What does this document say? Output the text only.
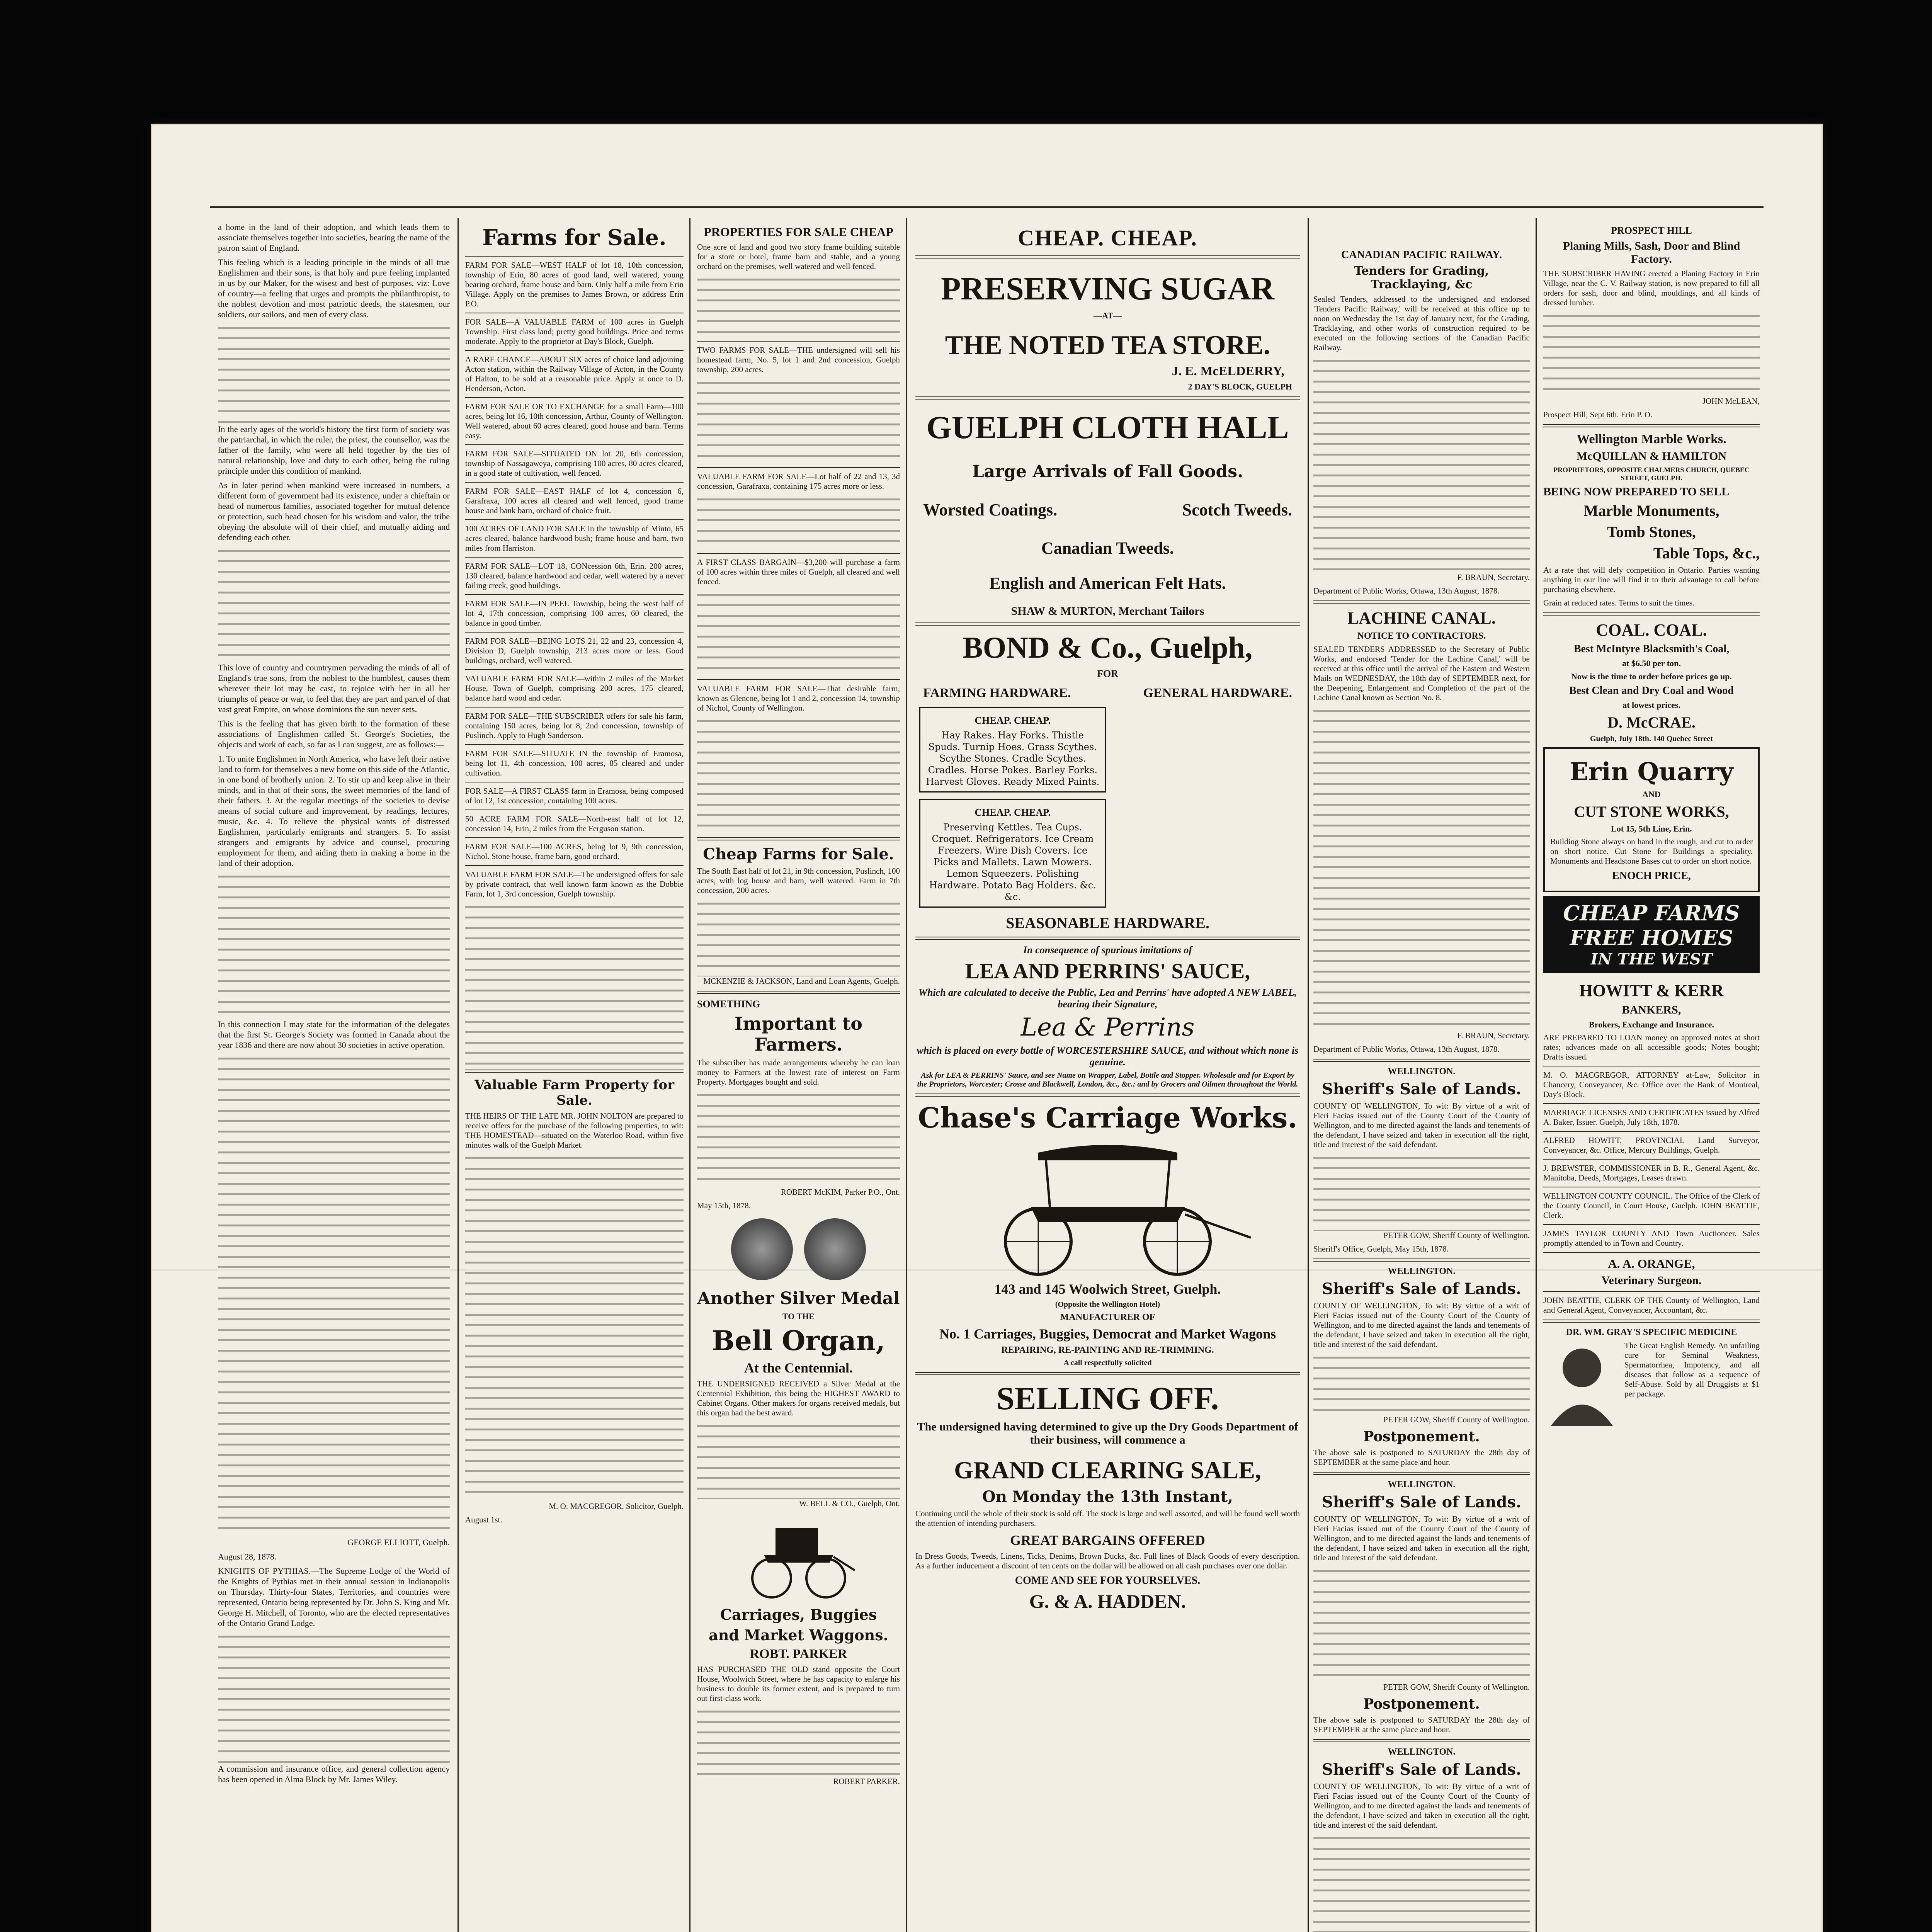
a home in the land of their adoption, and which leads them to associate themselves together into societies, bearing the name of the patron saint of England.

This feeling which is a leading principle in the minds of all true Englishmen and their sons, is that holy and pure feeling implanted in us by our Maker, for the wisest and best of purposes, viz: Love of country—a feeling that urges and prompts the philanthropist, to the noblest devotion and most patriotic deeds, the statesmen, our soldiers, our sailors, and men of every class.

In the early ages of the world's history the first form of society was the patriarchal, in which the ruler, the priest, the counsellor, was the father of the family, who were all held together by the ties of natural relationship, love and duty to each other, being the ruling principle under this condition of mankind.

As in later period when mankind were increased in numbers, a different form of government had its existence, under a chieftain or head of numerous families, associated together for mutual defence or protection, such head chosen for his wisdom and valor, the tribe obeying the absolute will of their chief, and mutually aiding and defending each other.

This love of country and countrymen pervading the minds of all of England's true sons, from the noblest to the humblest, causes them wherever their lot may be cast, to rejoice with her in all her triumphs of peace or war, to feel that they are part and parcel of that vast great Empire, on whose dominions the sun never sets.

This is the feeling that has given birth to the formation of these associations of Englishmen called St. George's Societies, the objects and work of each, so far as I can suggest, are as follows:—

1. To unite Englishmen in North America, who have left their native land to form for themselves a new home on this side of the Atlantic, in one bond of brotherly union. 2. To stir up and keep alive in their minds, and in that of their sons, the sweet memories of the land of their fathers. 3. At the regular meetings of the societies to devise means of social culture and improvement, by readings, lectures, music, &c. 4. To relieve the physical wants of distressed Englishmen, particularly emigrants and strangers. 5. To assist strangers and emigrants by advice and counsel, procuring employment for them, and aiding them in making a home in the land of their adoption.

In this connection I may state for the information of the delegates that the first St. George's Society was formed in Canada about the year 1836 and there are now about 30 societies in active operation.

GEORGE ELLIOTT, Guelph.

August 28, 1878.

KNIGHTS OF PYTHIAS.—The Supreme Lodge of the World of the Knights of Pythias met in their annual session in Indianapolis on Thursday. Thirty-four States, Territories, and countries were represented, Ontario being represented by Dr. John S. King and Mr. George H. Mitchell, of Toronto, who are the elected representatives of the Ontario Grand Lodge.

A commission and insurance office, and general collection agency has been opened in Alma Block by Mr. James Wiley.

Farms for Sale.

FARM FOR SALE—WEST HALF of lot 18, 10th concession, township of Erin, 80 acres of good land, well watered, young bearing orchard, frame house and barn. Only half a mile from Erin Village. Apply on the premises to James Brown, or address Erin P.O.

FOR SALE—A VALUABLE FARM of 100 acres in Guelph Township. First class land; pretty good buildings. Price and terms moderate. Apply to the proprietor at Day's Block, Guelph.

A RARE CHANCE—ABOUT SIX acres of choice land adjoining Acton station, within the Railway Village of Acton, in the County of Halton, to be sold at a reasonable price. Apply at once to D. Henderson, Acton.

FARM FOR SALE OR TO EXCHANGE for a small Farm—100 acres, being lot 16, 10th concession, Arthur, County of Wellington. Well watered, about 60 acres cleared, good house and barn. Terms easy.

FARM FOR SALE—SITUATED ON lot 20, 6th concession, township of Nassagaweya, comprising 100 acres, 80 acres cleared, in a good state of cultivation, well fenced.

FARM FOR SALE—EAST HALF of lot 4, concession 6, Garafraxa, 100 acres all cleared and well fenced, good frame house and bank barn, orchard of choice fruit.

100 ACRES OF LAND FOR SALE in the township of Minto, 65 acres cleared, balance hardwood bush; frame house and barn, two miles from Harriston.

FARM FOR SALE—LOT 18, CONcession 6th, Erin. 200 acres, 130 cleared, balance hardwood and cedar, well watered by a never failing creek, good buildings.

FARM FOR SALE—IN PEEL Township, being the west half of lot 4, 17th concession, comprising 100 acres, 60 cleared, the balance in good timber.

FARM FOR SALE—BEING LOTS 21, 22 and 23, concession 4, Division D, Guelph township, 213 acres more or less. Good buildings, orchard, well watered.

VALUABLE FARM FOR SALE—within 2 miles of the Market House, Town of Guelph, comprising 200 acres, 175 cleared, balance hard wood and cedar.

FARM FOR SALE—THE SUBSCRIBER offers for sale his farm, containing 150 acres, being lot 8, 2nd concession, township of Puslinch. Apply to Hugh Sanderson.

FARM FOR SALE—SITUATE IN the township of Eramosa, being lot 11, 4th concession, 100 acres, 85 cleared and under cultivation.

FOR SALE—A FIRST CLASS farm in Eramosa, being composed of lot 12, 1st concession, containing 100 acres.

50 ACRE FARM FOR SALE—North-east half of lot 12, concession 14, Erin, 2 miles from the Ferguson station.

FARM FOR SALE—100 ACRES, being lot 9, 9th concession, Nichol. Stone house, frame barn, good orchard.

VALUABLE FARM FOR SALE—The undersigned offers for sale by private contract, that well known farm known as the Dobbie Farm, lot 1, 3rd concession, Guelph township.

Valuable Farm Property for Sale.

THE HEIRS OF THE LATE MR. JOHN NOLTON are prepared to receive offers for the purchase of the following properties, to wit: THE HOMESTEAD—situated on the Waterloo Road, within five minutes walk of the Guelph Market.

M. O. MACGREGOR, Solicitor, Guelph.

August 1st.

PROPERTIES FOR SALE CHEAP

One acre of land and good two story frame building suitable for a store or hotel, frame barn and stable, and a young orchard on the premises, well watered and well fenced.

TWO FARMS FOR SALE—THE undersigned will sell his homestead farm, No. 5, lot 1 and 2nd concession, Guelph township, 200 acres.

VALUABLE FARM FOR SALE—Lot half of 22 and 13, 3d concession, Garafraxa, containing 175 acres more or less.

A FIRST CLASS BARGAIN—$3,200 will purchase a farm of 100 acres within three miles of Guelph, all cleared and well fenced.

VALUABLE FARM FOR SALE—That desirable farm, known as Glencoe, being lot 1 and 2, concession 14, township of Nichol, County of Wellington.

Cheap Farms for Sale.

The South East half of lot 21, in 9th concession, Puslinch, 100 acres, with log house and barn, well watered. Farm in 7th concession, 200 acres.

MCKENZIE & JACKSON, Land and Loan Agents, Guelph.

SOMETHING
Important to Farmers.

The subscriber has made arrangements whereby he can loan money to Farmers at the lowest rate of interest on Farm Property. Mortgages bought and sold.

ROBERT McKIM, Parker P.O., Ont.

May 15th, 1878.

Another Silver Medal
TO THE
Bell Organ,
At the Centennial.

THE UNDERSIGNED RECEIVED a Silver Medal at the Centennial Exhibition, this being the HIGHEST AWARD to Cabinet Organs. Other makers for organs received medals, but this organ had the best award.

W. BELL & CO., Guelph, Ont.

Carriages, Buggies
and Market Waggons.
ROBT. PARKER

HAS PURCHASED THE OLD stand opposite the Court House, Woolwich Street, where he has capacity to enlarge his business to double its former extent, and is prepared to turn out first-class work.

ROBERT PARKER.

CHEAP. CHEAP.
PRESERVING SUGAR
—AT—
THE NOTED TEA STORE.
J. E. McELDERRY,
2 DAY'S BLOCK, GUELPH
GUELPH CLOTH HALL
Large Arrivals of Fall Goods.
Worsted Coatings.	Scotch Tweeds.
Canadian Tweeds.
English and American Felt Hats.
SHAW & MURTON, Merchant Tailors
BOND & Co., Guelph,
FOR
FARMING HARDWARE.	GENERAL HARDWARE.
CHEAP. CHEAP.
Hay Rakes. Hay Forks. Thistle Spuds. Turnip Hoes. Grass Scythes. Scythe Stones. Cradle Scythes. Cradles. Horse Pokes. Barley Forks. Harvest Gloves. Ready Mixed Paints.

CHEAP. CHEAP.
Preserving Kettles. Tea Cups. Croquet. Refrigerators. Ice Cream Freezers. Wire Dish Covers. Ice Picks and Mallets. Lawn Mowers. Lemon Squeezers. Polishing Hardware. Potato Bag Holders. &c. &c.
SEASONABLE HARDWARE.
In consequence of spurious imitations of
LEA AND PERRINS' SAUCE,
Which are calculated to deceive the Public, Lea and Perrins' have adopted A NEW LABEL, bearing their Signature,
Lea & Perrins
which is placed on every bottle of WORCESTERSHIRE SAUCE, and without which none is genuine.
Ask for LEA & PERRINS' Sauce, and see Name on Wrapper, Label, Bottle and Stopper. Wholesale and for Export by the Proprietors, Worcester; Crosse and Blackwell, London, &c., &c.; and by Grocers and Oilmen throughout the World.
Chase's Carriage Works.
143 and 145 Woolwich Street, Guelph.
(Opposite the Wellington Hotel)
MANUFACTURER OF
No. 1 Carriages, Buggies, Democrat and Market Wagons
REPAIRING, RE-PAINTING AND RE-TRIMMING.
A call respectfully solicited
SELLING OFF.
The undersigned having determined to give up the Dry Goods Department of their business, will commence a
GRAND CLEARING SALE,
On Monday the 13th Instant,

Continuing until the whole of their stock is sold off. The stock is large and well assorted, and will be found well worth the attention of intending purchasers.

GREAT BARGAINS OFFERED

In Dress Goods, Tweeds, Linens, Ticks, Denims, Brown Ducks, &c. Full lines of Black Goods of every description. As a further inducement a discount of ten cents on the dollar will be allowed on all cash purchases over one dollar.

COME AND SEE FOR YOURSELVES.
G. & A. HADDEN.
CANADIAN PACIFIC RAILWAY.
Tenders for Grading, Tracklaying, &c

Sealed Tenders, addressed to the undersigned and endorsed 'Tenders Pacific Railway,' will be received at this office up to noon on Wednesday the 1st day of January next, for the Grading, Tracklaying, and other works of construction required to be executed on the following sections of the Canadian Pacific Railway.

F. BRAUN, Secretary.

Department of Public Works, Ottawa, 13th August, 1878.

LACHINE CANAL.
NOTICE TO CONTRACTORS.

SEALED TENDERS ADDRESSED to the Secretary of Public Works, and endorsed 'Tender for the Lachine Canal,' will be received at this office until the arrival of the Eastern and Western Mails on WEDNESDAY, the 18th day of SEPTEMBER next, for the Deepening, Enlargement and Completion of the part of the Lachine Canal known as Section No. 8.

F. BRAUN, Secretary.

Department of Public Works, Ottawa, 13th August, 1878.

WELLINGTON.
Sheriff's Sale of Lands.

COUNTY OF WELLINGTON, To wit: By virtue of a writ of Fieri Facias issued out of the County Court of the County of Wellington, and to me directed against the lands and tenements of the defendant, I have seized and taken in execution all the right, title and interest of the said defendant.

PETER GOW, Sheriff County of Wellington.

Sheriff's Office, Guelph, May 15th, 1878.

WELLINGTON.
Sheriff's Sale of Lands.

COUNTY OF WELLINGTON, To wit: By virtue of a writ of Fieri Facias issued out of the County Court of the County of Wellington, and to me directed against the lands and tenements of the defendant, I have seized and taken in execution all the right, title and interest of the said defendant.

PETER GOW, Sheriff County of Wellington.

Postponement.

The above sale is postponed to SATURDAY the 28th day of SEPTEMBER at the same place and hour.

WELLINGTON.
Sheriff's Sale of Lands.

COUNTY OF WELLINGTON, To wit: By virtue of a writ of Fieri Facias issued out of the County Court of the County of Wellington, and to me directed against the lands and tenements of the defendant, I have seized and taken in execution all the right, title and interest of the said defendant.

PETER GOW, Sheriff County of Wellington.

Postponement.

The above sale is postponed to SATURDAY the 28th day of SEPTEMBER at the same place and hour.

WELLINGTON.
Sheriff's Sale of Lands.

COUNTY OF WELLINGTON, To wit: By virtue of a writ of Fieri Facias issued out of the County Court of the County of Wellington, and to me directed against the lands and tenements of the defendant, I have seized and taken in execution all the right, title and interest of the said defendant.

PROSPECT HILL
Planing Mills, Sash, Door and Blind Factory.

THE SUBSCRIBER HAVING erected a Planing Factory in Erin Village, near the C. V. Railway station, is now prepared to fill all orders for sash, door and blind, mouldings, and all kinds of dressed lumber.

JOHN McLEAN,

Prospect Hill, Sept 6th. Erin P. O.

Wellington Marble Works.
McQUILLAN & HAMILTON
PROPRIETORS, OPPOSITE CHALMERS CHURCH, QUEBEC STREET, GUELPH.
BEING NOW PREPARED TO SELL
Marble Monuments,
Tomb Stones,
Table Tops, &c.,

At a rate that will defy competition in Ontario. Parties wanting anything in our line will find it to their advantage to call before purchasing elsewhere.

Grain at reduced rates. Terms to suit the times.

COAL. COAL.
Best McIntyre Blacksmith's Coal,
at $6.50 per ton.
Now is the time to order before prices go up.
Best Clean and Dry Coal and Wood
at lowest prices.
D. McCRAE.
Guelph, July 18th. 140 Quebec Street
Erin Quarry
AND
CUT STONE WORKS,
Lot 15, 5th Line, Erin.

Building Stone always on hand in the rough, and cut to order on short notice. Cut Stone for Buildings a speciality. Monuments and Headstone Bases cut to order on short notice.

ENOCH PRICE,
CHEAP FARMS FREE HOMES
IN THE WEST
HOWITT & KERR
BANKERS,
Brokers, Exchange and Insurance.

ARE PREPARED TO LOAN money on approved notes at short rates; advances made on all accessible goods; Notes bought; Drafts issued.

M. O. MACGREGOR, ATTORNEY at-Law, Solicitor in Chancery, Conveyancer, &c. Office over the Bank of Montreal, Day's Block.

MARRIAGE LICENSES AND CERTIFICATES issued by Alfred A. Baker, Issuer. Guelph, July 18th, 1878.

ALFRED HOWITT, PROVINCIAL Land Surveyor, Conveyancer, &c. Office, Mercury Buildings, Guelph.

J. BREWSTER, COMMISSIONER in B. R., General Agent, &c. Manitoba, Deeds, Mortgages, Leases drawn.

WELLINGTON COUNTY COUNCIL. The Office of the Clerk of the County Council, in Court House, Guelph. JOHN BEATTIE, Clerk.

JAMES TAYLOR COUNTY AND Town Auctioneer. Sales promptly attended to in Town and Country.

A. A. ORANGE,
Veterinary Surgeon.

JOHN BEATTIE, CLERK OF THE County of Wellington, Land and General Agent, Conveyancer, Accountant, &c.

DR. WM. GRAY'S SPECIFIC MEDICINE

The Great English Remedy. An unfailing cure for Seminal Weakness, Spermatorrhea, Impotency, and all diseases that follow as a sequence of Self-Abuse. Sold by all Druggists at $1 per package.
